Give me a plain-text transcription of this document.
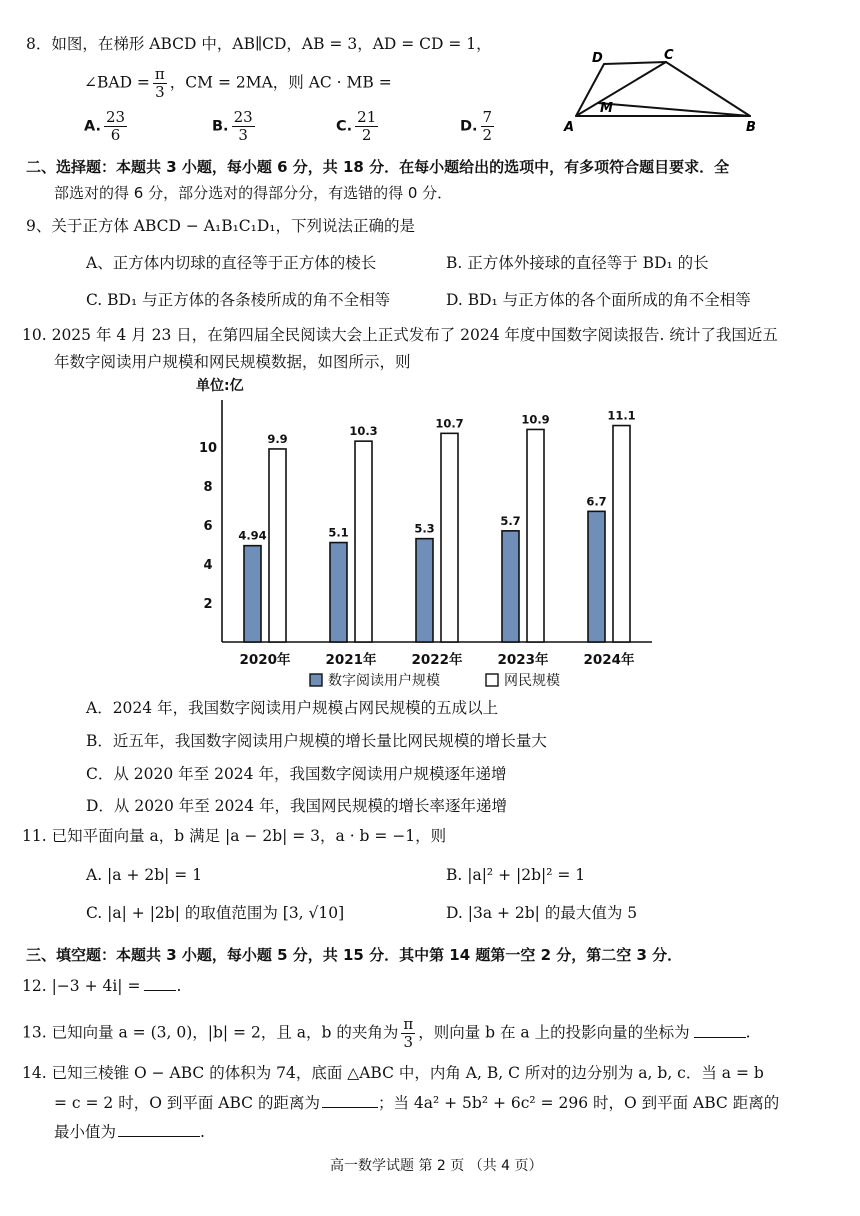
8．如图，在梯形 ABCD 中，AB∥CD，AB = 3，AD = CD = 1，
∠BAD = $\frac{\pi}{3}$ ，CM = 2MA，则 AC · MB =
A. $\frac{23}{6}$	B. $\frac{23}{3}$	C. $\frac{21}{2}$	D. $\frac{7}{2}$
D	C
M
A	B
二、选择题：本题共 3 小题，每小题 6 分，共 18 分．在每小题给出的选项中，有多项符合题目要求．全
部选对的得 6 分，部分选对的得部分分，有选错的得 0 分．
9、关于正方体 ABCD − A₁B₁C₁D₁，下列说法正确的是
A、正方体内切球的直径等于正方体的棱长	B. 正方体外接球的直径等于 BD₁ 的长
C. BD₁ 与正方体的各条棱所成的角不全相等	D. BD₁ 与正方体的各个面所成的角不全相等
10. 2025 年 4 月 23 日，在第四届全民阅读大会上正式发布了 2024 年度中国数字阅读报告. 统计了我国近五
年数字阅读用户规模和网民规模数据，如图所示，则
单位:亿
2
4
6
8
10
4.94
9.9
2020年
5.1
10.3
2021年
5.3
10.7
2022年
5.7
10.9
2023年
6.7
11.1
2024年
数字阅读用户规模	网民规模
A．2024 年，我国数字阅读用户规模占网民规模的五成以上
B．近五年，我国数字阅读用户规模的增长量比网民规模的增长量大
C．从 2020 年至 2024 年，我国数字阅读用户规模逐年递增
D．从 2020 年至 2024 年，我国网民规模的增长率逐年递增
11. 已知平面向量 a，b 满足 |a − 2b| = 3，a · b = −1，则
A. |a + 2b| = 1	B. |a|² + |2b|² = 1
C. |a| + |2b| 的取值范围为 [3, √10]	D. |3a + 2b| 的最大值为 5
三、填空题：本题共 3 小题，每小题 5 分，共 15 分．其中第 14 题第一空 2 分，第二空 3 分．
12. |−3 + 4i| = .
13. 已知向量 a = (3, 0)，|b| = 2，且 a，b 的夹角为 $\frac{\pi}{3}$ ，则向量 b 在 a 上的投影向量的坐标为	.
14. 已知三棱锥 O − ABC 的体积为 74，底面 △ABC 中，内角 A, B, C 所对的边分别为 a, b, c．当 a = b
= c = 2 时，O 到平面 ABC 的距离为	；当 4a² + 5b² + 6c² = 296 时，O 到平面 ABC 距离的
最小值为	.
高一数学试题 第 2 页 （共 4 页）
